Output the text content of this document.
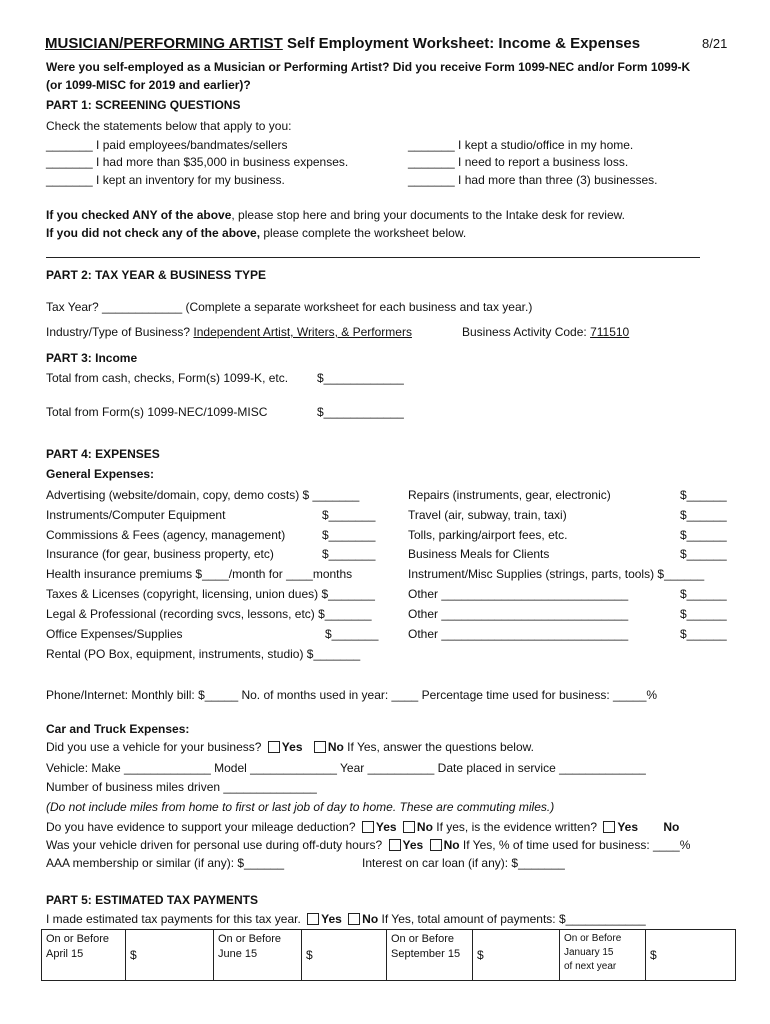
MUSICIAN/PERFORMING ARTIST Self Employment Worksheet: Income & Expenses	8/21
Were you self-employed as a Musician or Performing Artist? Did you receive Form 1099-NEC and/or Form 1099-K
(or 1099-MISC for 2019 and earlier)?
PART 1: SCREENING QUESTIONS
Check the statements below that apply to you:
_______ I paid employees/bandmates/sellers
_______ I had more than $35,000 in business expenses.
_______ I kept an inventory for my business.
_______ I kept a studio/office in my home.
_______ I need to report a business loss.
_______ I had more than three (3) businesses.
If you checked ANY of the above, please stop here and bring your documents to the Intake desk for review.
If you did not check any of the above, please complete the worksheet below.
PART 2: TAX YEAR & BUSINESS TYPE
Tax Year? ____________ (Complete a separate worksheet for each business and tax year.)
Industry/Type of Business? Independent Artist, Writers, & Performers	Business Activity Code: 711510
PART 3: Income
Total from cash, checks, Form(s) 1099-K, etc. $____________
Total from Form(s) 1099-NEC/1099-MISC	$____________
PART 4: EXPENSES
General Expenses:
Advertising (website/domain, copy, demo costs) $ _______
Instruments/Computer Equipment	$_______
Commissions & Fees (agency, management)	$_______
Insurance (for gear, business property, etc)	$_______
Health insurance premiums $____/month for ____months
Taxes & Licenses (copyright, licensing, union dues) $_______
Legal & Professional (recording svcs, lessons, etc) $_______
Office Expenses/Supplies	$_______
Rental (PO Box, equipment, instruments, studio) $_______
Repairs (instruments, gear, electronic)	$______
Travel (air, subway, train, taxi)	$______
Tolls, parking/airport fees, etc.	$______
Business Meals for Clients	$______
Instrument/Misc Supplies (strings, parts, tools) $______
Other ____________________________	$______
Other ____________________________	$______
Other ____________________________	$______
Phone/Internet: Monthly bill: $_____ No. of months used in year: ____ Percentage time used for business: _____%
Car and Truck Expenses:
Did you use a vehicle for your business? Yes No If Yes, answer the questions below.
Vehicle: Make _____________ Model _____________ Year __________ Date placed in service _____________
Number of business miles driven ______________
(Do not include miles from home to first or last job of day to home. These are commuting miles.)
Do you have evidence to support your mileage deduction? Yes No If yes, is the evidence written? Yes No
Was your vehicle driven for personal use during off-duty hours? Yes No If Yes, % of time used for business: ____%
AAA membership or similar (if any): $______	Interest on car loan (if any): $_______
PART 5: ESTIMATED TAX PAYMENTS
I made estimated tax payments for this tax year. Yes No If Yes, total amount of payments: $____________
On or Before
April 15	$	
On or Before
June 15	$	
On or Before
September 15	$	
On or Before
January 15
of next year
	$
